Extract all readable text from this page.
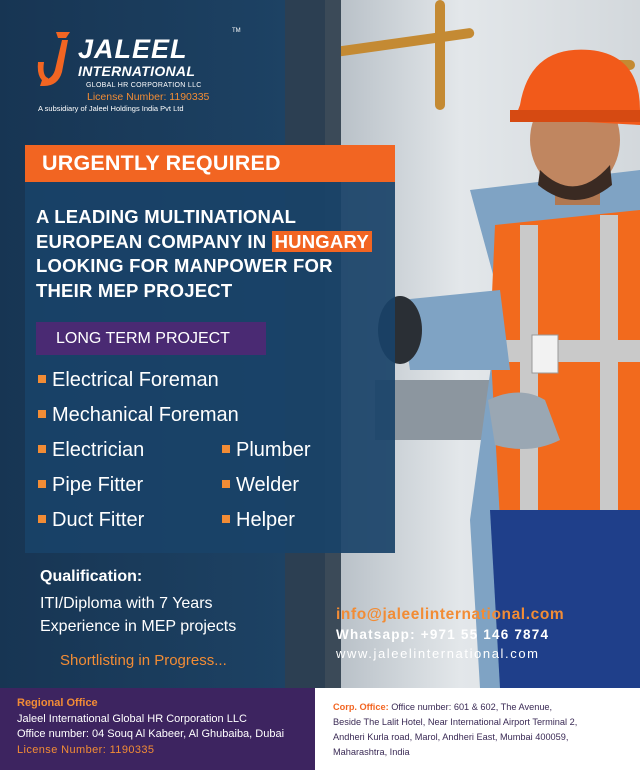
JALEEL
TM
INTERNATIONAL
GLOBAL HR CORPORATION LLC
License Number: 1190335
A subsidiary of Jaleel Holdings India Pvt Ltd
URGENTLY REQUIRED
A LEADING MULTINATIONAL
EUROPEAN COMPANY IN HUNGARY
LOOKING FOR MANPOWER FOR
THEIR MEP PROJECT
LONG TERM PROJECT
Electrical Foreman
Mechanical Foreman
Electrician	Plumber
Pipe Fitter	Welder
Duct Fitter	Helper
Qualification:
ITI/Diploma with 7 Years
Experience in MEP projects
Shortlisting in Progress...
info@jaleelinternational.com
Whatsapp: +971 55 146 7874
www.jaleelinternational.com
Regional Office
Jaleel International Global HR Corporation LLC
Office number: 04 Souq Al Kabeer, Al Ghubaiba, Dubai
License Number: 1190335
Corp. Office: Office number: 601 & 602, The Avenue,
Beside The Lalit Hotel, Near International Airport Terminal 2,
Andheri Kurla road, Marol, Andheri East, Mumbai 400059,
Maharashtra, India
